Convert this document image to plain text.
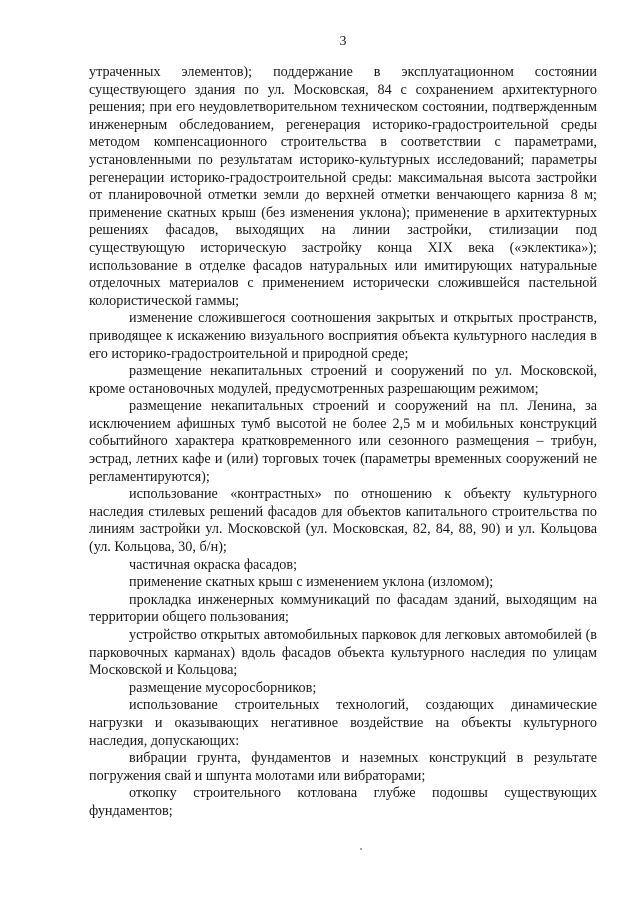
3

утраченных элементов); поддержание в эксплуатационном состоянии существующего здания по ул. Московская, 84 с сохранением архитектурного решения; при его неудовлетворительном техническом состоянии, подтвержденным инженерным обследованием, регенерация историко-градостроительной среды методом компенсационного строительства в соответствии с параметрами, установленными по результатам историко-культурных исследований; параметры регенерации историко-градостроительной среды: максимальная высота застройки от планировочной отметки земли до верхней отметки венчающего карниза 8 м; применение скатных крыш (без изменения уклона); применение в архитектурных решениях фасадов, выходящих на линии застройки, стилизации под существующую историческую застройку конца XIX века («эклектика»); использование в отделке фасадов натуральных или имитирующих натуральные отделочных материалов с применением исторически сложившейся пастельной колористической гаммы;

изменение сложившегося соотношения закрытых и открытых пространств, приводящее к искажению визуального восприятия объекта культурного наследия в его историко-градостроительной и природной среде;

размещение некапитальных строений и сооружений по ул. Московской, кроме остановочных модулей, предусмотренных разрешающим режимом;

размещение некапитальных строений и сооружений на пл. Ленина, за исключением афишных тумб высотой не более 2,5 м и мобильных конструкций событийного характера кратковременного или сезонного размещения – трибун, эстрад, летних кафе и (или) торговых точек (параметры временных сооружений не регламентируются);

использование «контрастных» по отношению к объекту культурного наследия стилевых решений фасадов для объектов капитального строительства по линиям застройки ул. Московской (ул. Московская, 82, 84, 88, 90) и ул. Кольцова (ул. Кольцова, 30, б/н);

частичная окраска фасадов;

применение скатных крыш с изменением уклона (изломом);

прокладка инженерных коммуникаций по фасадам зданий, выходящим на территории общего пользования;

устройство открытых автомобильных парковок для легковых автомобилей (в парковочных карманах) вдоль фасадов объекта культурного наследия по улицам Московской и Кольцова;

размещение мусоросборников;

использование строительных технологий, создающих динамические нагрузки и оказывающих негативное воздействие на объекты культурного наследия, допускающих:

вибрации грунта, фундаментов и наземных конструкций в результате погружения свай и шпунта молотами или вибраторами;

откопку строительного котлована глубже подошвы существующих фундаментов;
